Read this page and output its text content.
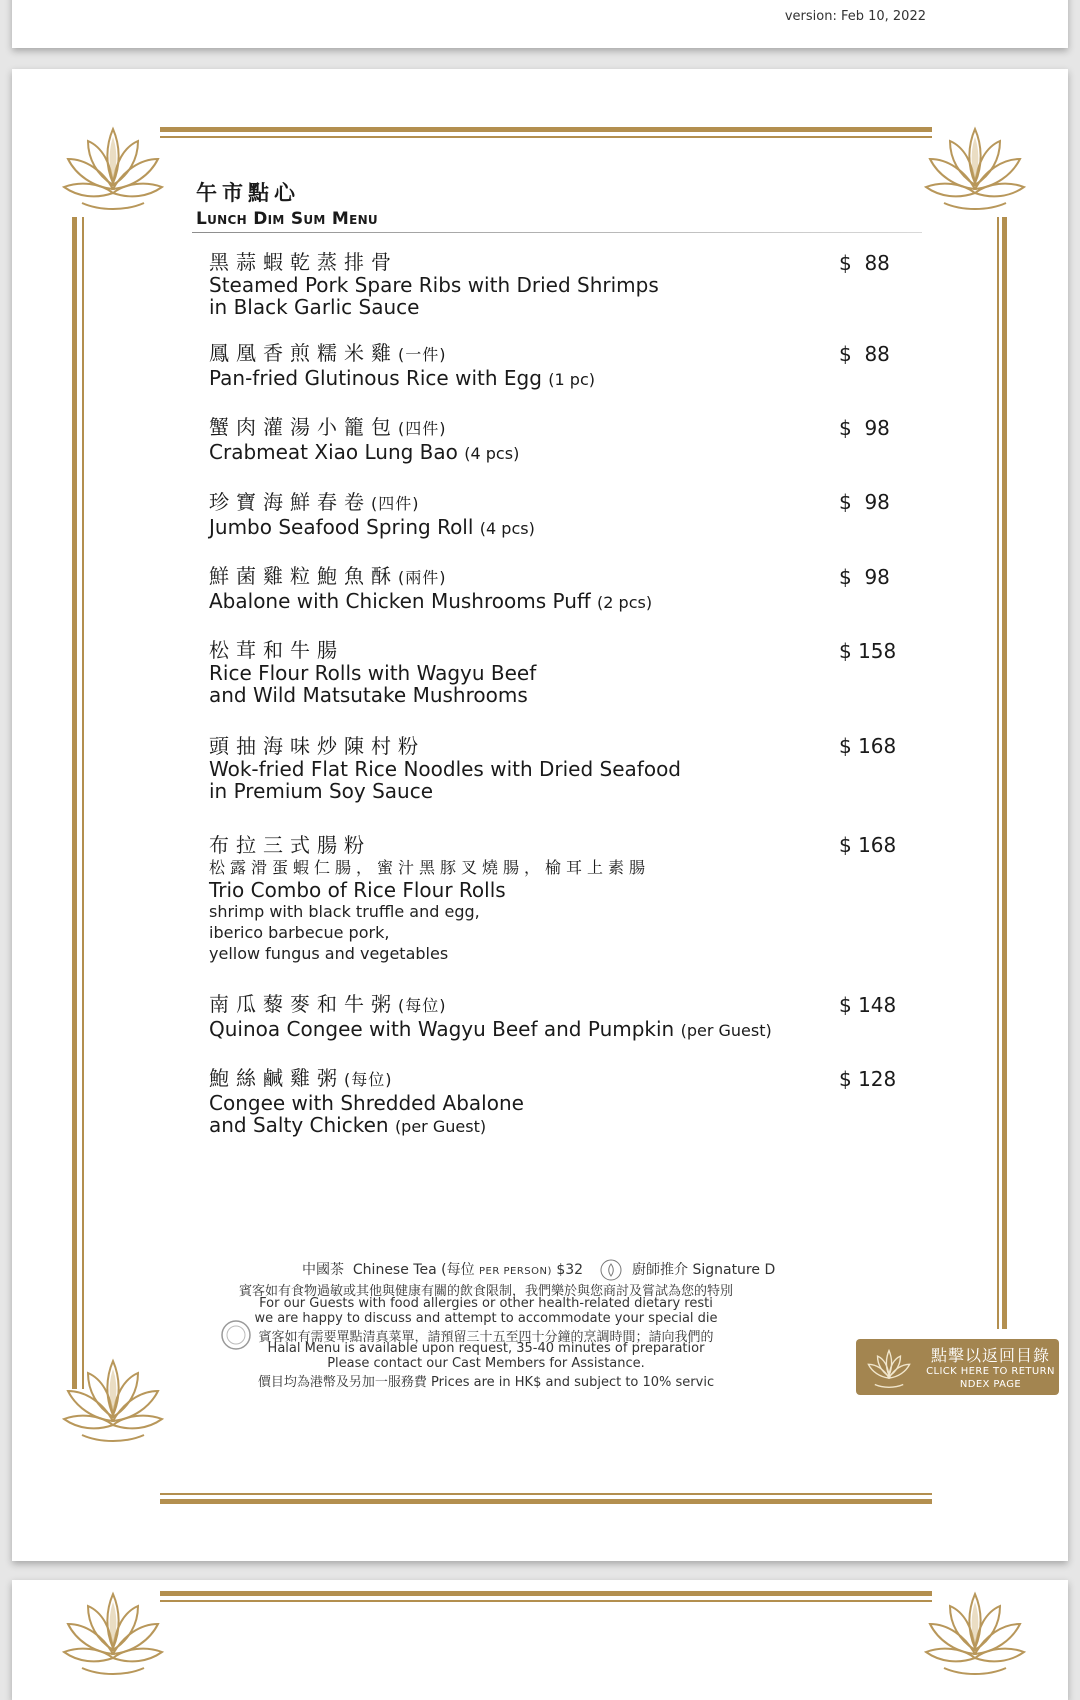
version: Feb 10, 2022
午市點心
Lunch Dim Sum Menu
黑蒜蝦乾蒸排骨
Steamed Pork Spare Ribs with Dried Shrimps
in Black Garlic Sauce
$  88
鳳凰香煎糯米雞(一件)
Pan-fried Glutinous Rice with Egg (1 pc)
$  88
蟹肉灌湯小籠包(四件)
Crabmeat Xiao Lung Bao (4 pcs)
$  98
珍寶海鮮春卷(四件)
Jumbo Seafood Spring Roll (4 pcs)
$  98
鮮菌雞粒鮑魚酥(兩件)
Abalone with Chicken Mushrooms Puff (2 pcs)
$  98
松茸和牛腸
Rice Flour Rolls with Wagyu Beef
and Wild Matsutake Mushrooms
$ 158
頭抽海味炒陳村粉
Wok-fried Flat Rice Noodles with Dried Seafood
in Premium Soy Sauce
$ 168
布拉三式腸粉
松露滑蛋蝦仁腸，蜜汁黑豚叉燒腸，榆耳上素腸
Trio Combo of Rice Flour Rolls
shrimp with black truffle and egg,
iberico barbecue pork,
yellow fungus and vegetables
$ 168
南瓜藜麥和牛粥(每位)
Quinoa Congee with Wagyu Beef and Pumpkin (per Guest)
$ 148
鮑絲鹹雞粥(每位)
Congee with Shredded Abalone
and Salty Chicken (per Guest)
$ 128
中國茶 Chinese Tea (每位 PER PERSON) $32	廚師推介 Signature D
賓客如有食物過敏或其他與健康有關的飲食限制，我們樂於與您商討及嘗試為您的特別
For our Guests with food allergies or other health-related dietary resti
we are happy to discuss and attempt to accommodate your special die
賓客如有需要單點清真菜單，請預留三十五至四十分鐘的烹調時間；請向我們的
Halal Menu is available upon request, 35-40 minutes of preparatior
Please contact our Cast Members for Assistance.
價目均為港幣及另加一服務費 Prices are in HK$ and subject to 10% servic
點擊以返回目錄
CLICK HERE TO RETURN
NDEX PAGE
